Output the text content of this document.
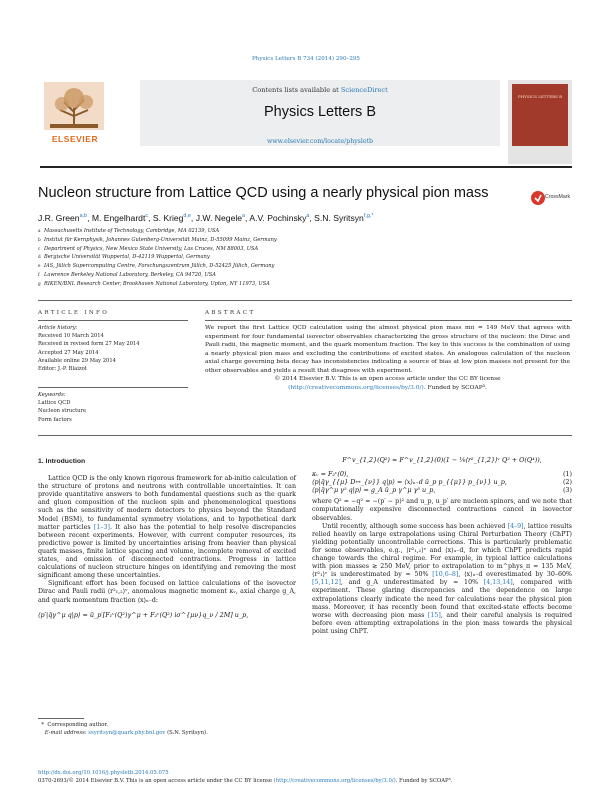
Physics Letters B 734 (2014) 290–295
ELSEVIER
Contents lists available at ScienceDirect
Physics Letters B
www.elsevier.com/locate/physletb
PHYSICS LETTERS B
Nucleon structure from Lattice QCD using a nearly physical pion mass	CrossMark
J.R. Green$^{a,b}$, M. Engelhardt$^c$, S. Krieg$^{d,e}$, J.W. Negele$^a$, A.V. Pochinsky$^a$, S.N. Syritsyn$^{f,g,*}$
a Massachusetts Institute of Technology, Cambridge, MA 02139, USA
b Institut für Kernphysik, Johannes Gutenberg-Universität Mainz, D-55099 Mainz, Germany
c Department of Physics, New Mexico State University, Las Cruces, NM 88003, USA
d Bergische Universität Wuppertal, D-42119 Wuppertal, Germany
e IAS, Jülich Supercomputing Centre, Forschungszentrum Jülich, D-52425 Jülich, Germany
f Lawrence Berkeley National Laboratory, Berkeley, CA 94720, USA
g RIKEN/BNL Research Center, Brookhaven National Laboratory, Upton, NY 11973, USA
ARTICLE INFO
Article history:
Received 10 March 2014
Received in revised form 27 May 2014
Accepted 27 May 2014
Available online 29 May 2014
Editor: J.-P. Blaizot
Keywords:
Lattice QCD
Nucleon structure
Form factors
ABSTRACT

We report the first Lattice QCD calculation using the almost physical pion mass mπ = 149 MeV that agrees with experiment for four fundamental isovector observables characterizing the gross structure of the nucleon: the Dirac and Pauli radii, the magnetic moment, and the quark momentum fraction. The key to this success is the combination of using a nearly physical pion mass and excluding the contributions of excited states. An analogous calculation of the nucleon axial charge governing beta decay has inconsistencies indicating a source of bias at low pion masses not present for the other observables and yields a result that disagrees with experiment.

© 2014 Elsevier B.V. This is an open access article under the CC BY license
(http://creativecommons.org/licenses/by/3.0/). Funded by SCOAP³.
1. Introduction

Lattice QCD is the only known rigorous framework for ab-initio calculation of the structure of protons and neutrons with controllable uncertainties. It can provide quantitative answers to both fundamental questions such as the quark and gluon composition of the nucleon spin and phenomenological questions such as the sensitivity of modern detectors to physics beyond the Standard Model (BSM), to fundamental symmetry violations, and to hypothetical dark matter particles [1–3]. It also has the potential to help resolve discrepancies between recent experiments. However, with current computer resources, its predictive power is limited by uncertainties arising from heavier than physical quark masses, finite lattice spacing and volume, incomplete removal of excited states, and omission of disconnected contractions. Progress in lattice calculations of nucleon structure hinges on identifying and removing the most significant among these uncertainties.

Significant effort has been focused on lattice calculations of the isovector Dirac and Pauli radii ⟨r²₁,₂⟩ᵛ, anomalous magnetic moment κᵥ, axial charge g_A, and quark momentum fraction ⟨x⟩ᵤ₋d:

⟨p′|q̄γ^μ q|p⟩ = ū_p′[F₁ᵛ(Q²)γ^μ + F₂ᵛ(Q²) iσ^{μν}q_ν / 2M] u_p,
* Corresponding author.
E-mail address: ssyritsyn@quark.phy.bnl.gov (S.N. Syritsyn).
F^v_{1,2}(Q²) ≈ F^v_{1,2}(0)(1 − ⅙⟨r²_{1,2}⟩ᵛ Q² + O(Q⁴)),
κᵥ = F₂ᵛ(0),	(1)
⟨p|q̄γ_{{μ} D↔_{ν}} q|p⟩ = ⟨x⟩ᵤ₋d ū_p p_{{μ}} p_{ν}} u_p,	(2)
⟨p|q̄γ^μ γ⁵ q|p⟩ = g_A ū_p γ^μ γ⁵ u_p,	(3)

where Q² = −q² = −(p′ − p)² and u_p, u_p′ are nucleon spinors, and we note that computationally expensive disconnected contractions cancel in isovector observables.

Until recently, although some success has been achieved [4–9], lattice results relied heavily on large extrapolations using Chiral Perturbation Theory (ChPT) yielding potentially uncontrollable corrections. This is particularly problematic for some observables, e.g., ⟨r²₁,₂⟩ᵛ and ⟨x⟩ᵤ₋d, for which ChPT predicts rapid change towards the chiral regime. For example, in typical lattice calculations with pion masses ≳ 250 MeV, prior to extrapolation to m^phys_π ≈ 135 MeV, ⟨r²₁⟩ᵛ is underestimated by ≈ 50% [10,6–8], ⟨x⟩ᵤ₋d overestimated by 30–60% [5,11,12], and g_A underestimated by ≈ 10% [4,13,14], compared with experiment. These glaring discrepancies and the dependence on large extrapolations clearly indicate the need for calculations near the physical pion mass. Moreover, it has recently been found that excited-state effects become worse with decreasing pion mass [15], and their careful analysis is required before even attempting extrapolations in the pion mass towards the physical point using ChPT.

http://dx.doi.org/10.1016/j.physletb.2014.05.075
0370-2693/© 2014 Elsevier B.V. This is an open access article under the CC BY license (http://creativecommons.org/licenses/by/3.0/). Funded by SCOAP³.
